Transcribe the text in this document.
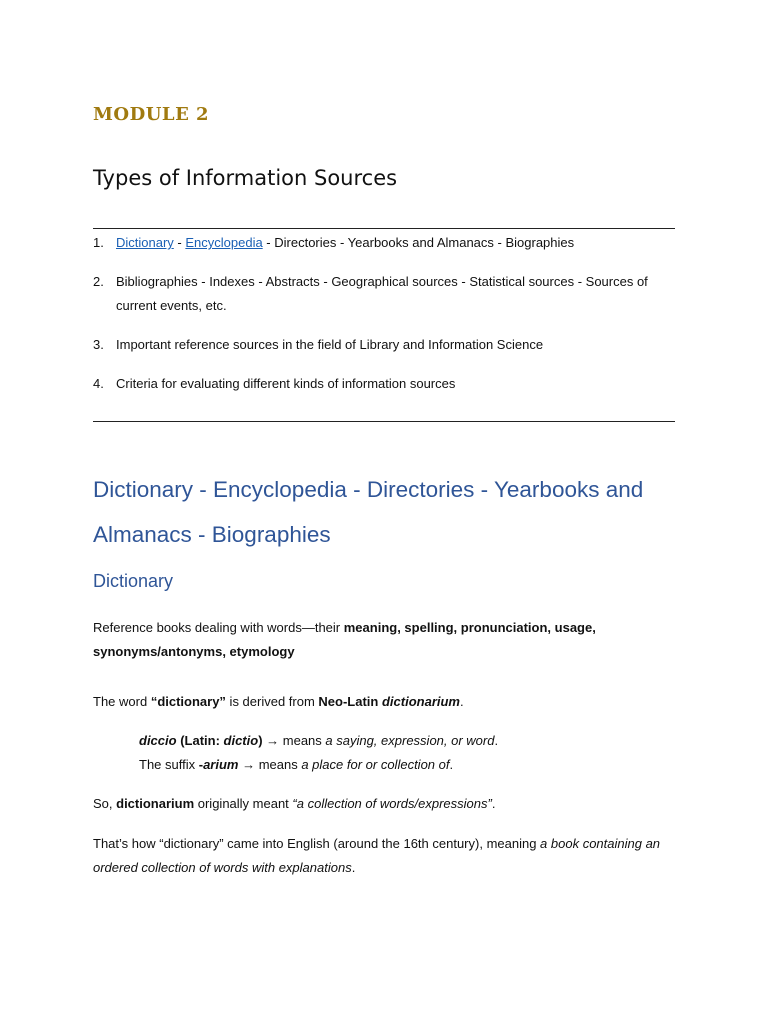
MODULE 2
Types of Information Sources
1. Dictionary - Encyclopedia - Directories - Yearbooks and Almanacs - Biographies
2. Bibliographies - Indexes - Abstracts - Geographical sources - Statistical sources - Sources of current events, etc.
3. Important reference sources in the field of Library and Information Science
4. Criteria for evaluating different kinds of information sources
Dictionary - Encyclopedia - Directories - Yearbooks and Almanacs - Biographies
Dictionary

Reference books dealing with words—their meaning, spelling, pronunciation, usage, synonyms/antonyms, etymology

The word “dictionary” is derived from Neo-Latin dictionarium.

diccio (Latin: dictio) → means a saying, expression, or word.
The suffix -arium → means a place for or collection of.

So, dictionarium originally meant “a collection of words/expressions”.

That’s how “dictionary” came into English (around the 16th century), meaning a book containing an ordered collection of words with explanations.
